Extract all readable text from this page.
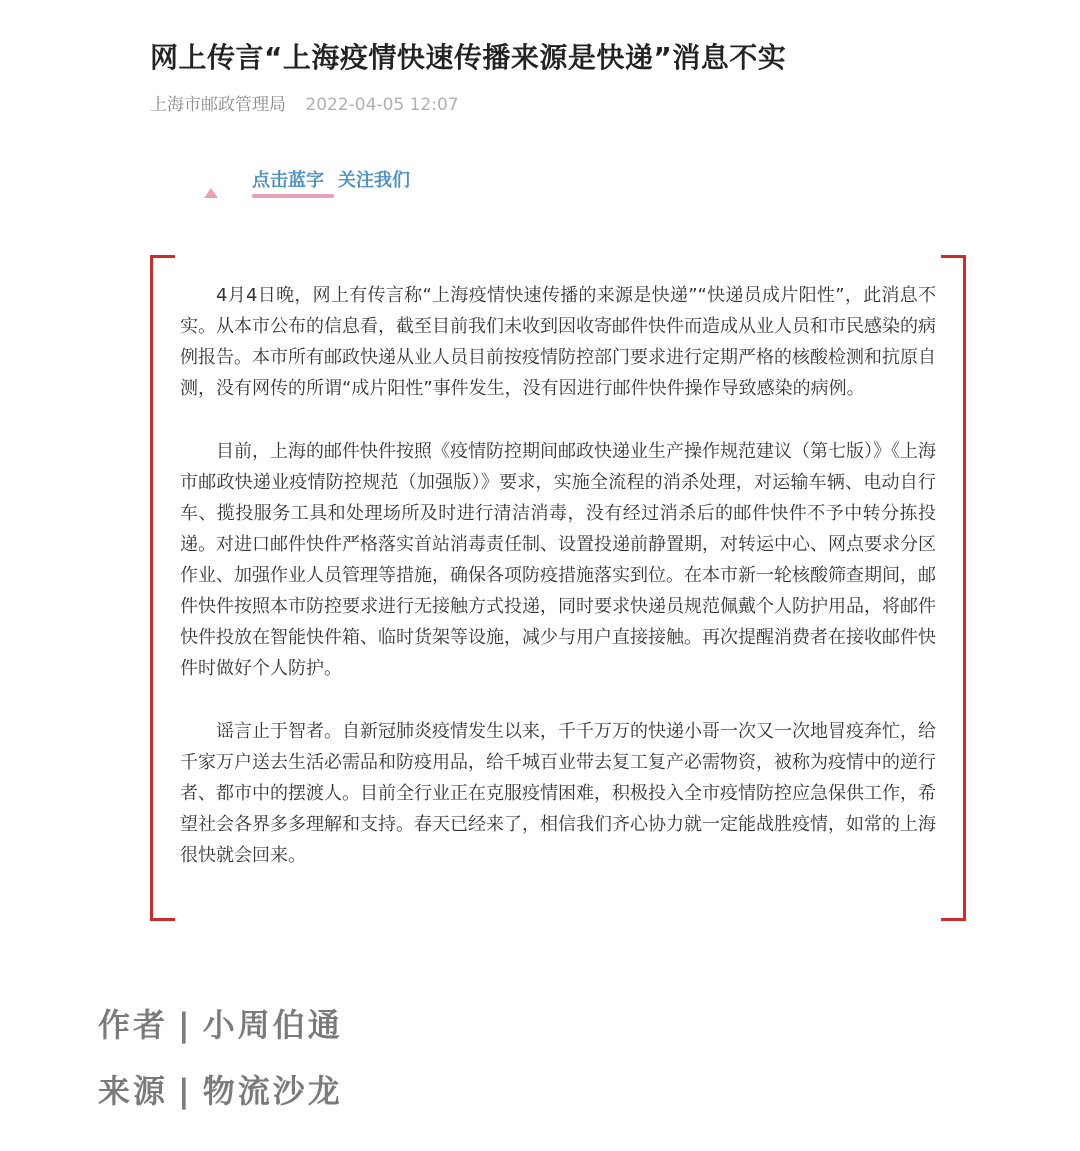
网上传言“上海疫情快速传播来源是快递”消息不实
上海市邮政管理局 2022-04-05 12:07
点击蓝字 关注我们

4月4日晚，网上有传言称“上海疫情快速传播的来源是快递”“快递员成片阳性”，此消息不实。从本市公布的信息看，截至目前我们未收到因收寄邮件快件而造成从业人员和市民感染的病例报告。本市所有邮政快递从业人员目前按疫情防控部门要求进行定期严格的核酸检测和抗原自测，没有网传的所谓“成片阳性”事件发生，没有因进行邮件快件操作导致感染的病例。

目前，上海的邮件快件按照《疫情防控期间邮政快递业生产操作规范建议（第七版）》《上海市邮政快递业疫情防控规范（加强版）》要求，实施全流程的消杀处理，对运输车辆、电动自行车、揽投服务工具和处理场所及时进行清洁消毒，没有经过消杀后的邮件快件不予中转分拣投递。对进口邮件快件严格落实首站消毒责任制、设置投递前静置期，对转运中心、网点要求分区作业、加强作业人员管理等措施，确保各项防疫措施落实到位。在本市新一轮核酸筛查期间，邮件快件按照本市防控要求进行无接触方式投递，同时要求快递员规范佩戴个人防护用品，将邮件快件投放在智能快件箱、临时货架等设施，减少与用户直接接触。再次提醒消费者在接收邮件快件时做好个人防护。

谣言止于智者。自新冠肺炎疫情发生以来，千千万万的快递小哥一次又一次地冒疫奔忙，给千家万户送去生活必需品和防疫用品，给千城百业带去复工复产必需物资，被称为疫情中的逆行者、都市中的摆渡人。目前全行业正在克服疫情困难，积极投入全市疫情防控应急保供工作，希望社会各界多多理解和支持。春天已经来了，相信我们齐心协力就一定能战胜疫情，如常的上海很快就会回来。

作者 | 小周伯通
来源 | 物流沙龙
